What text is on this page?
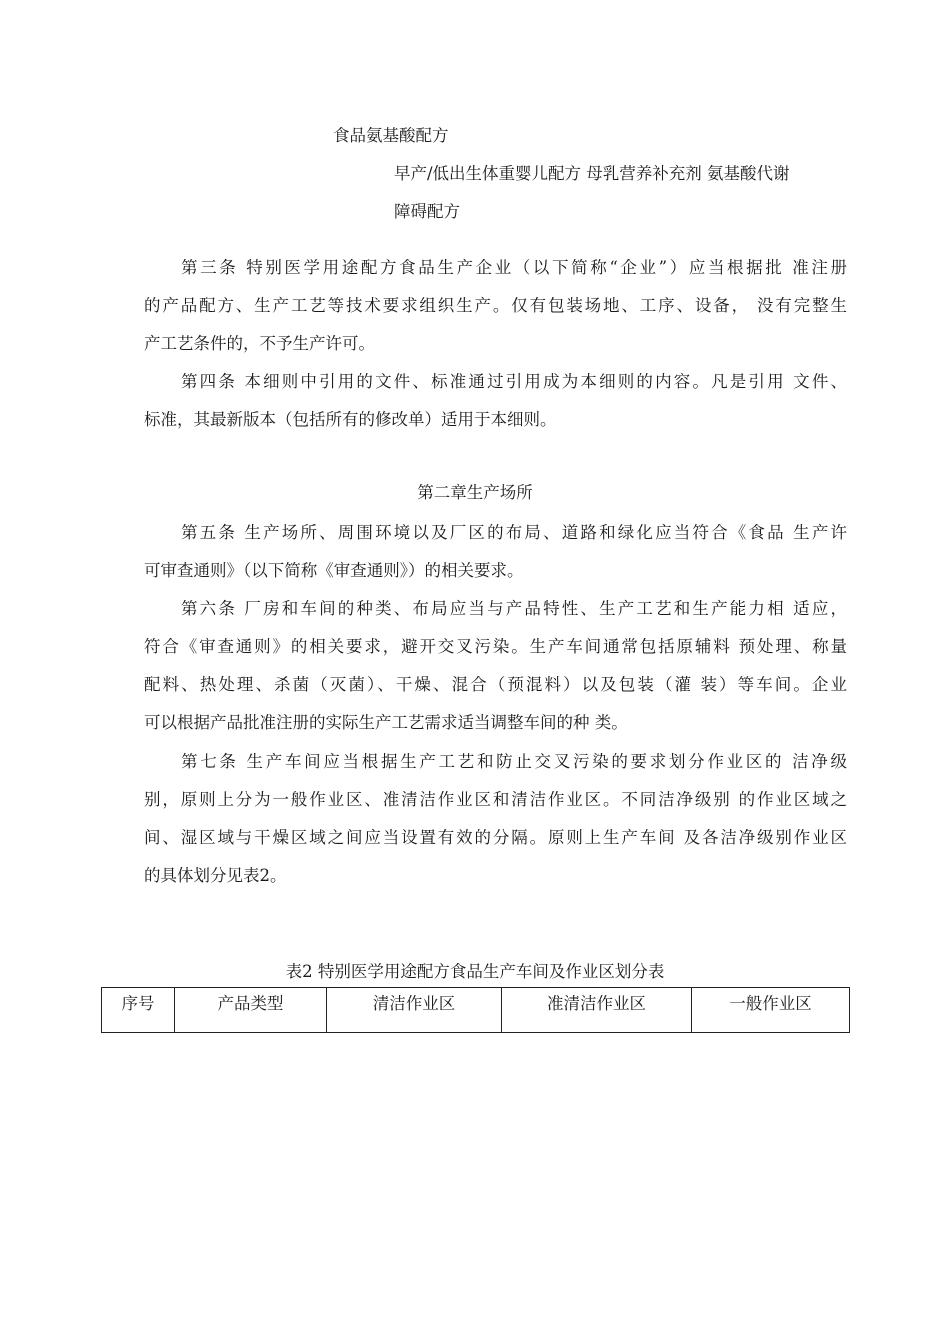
食品氨基酸配方
早产/低出生体重婴儿配方 母乳营养补充剂 氨基酸代谢
障碍配方
第三条 特别医学用途配方食品生产企业（以下简称“企业”）应当根据批 准注册
的产品配方、生产工艺等技术要求组织生产。仅有包装场地、工序、设备， 没有完整生
产工艺条件的，不予生产许可。
第四条 本细则中引用的文件、标准通过引用成为本细则的内容。凡是引用 文件、
标准，其最新版本（包括所有的修改单）适用于本细则。
第二章生产场所
第五条 生产场所、周围环境以及厂区的布局、道路和绿化应当符合《食品 生产许
可审查通则》（以下简称《审查通则》）的相关要求。
第六条 厂房和车间的种类、布局应当与产品特性、生产工艺和生产能力相 适应，
符合《审查通则》的相关要求，避开交叉污染。生产车间通常包括原辅料 预处理、称量
配料、热处理、杀菌（灭菌）、干燥、混合（预混料）以及包装（灌 装）等车间。企业
可以根据产品批准注册的实际生产工艺需求适当调整车间的种 类。
第七条 生产车间应当根据生产工艺和防止交叉污染的要求划分作业区的 洁净级
别，原则上分为一般作业区、准清洁作业区和清洁作业区。不同洁净级别 的作业区域之
间、湿区域与干燥区域之间应当设置有效的分隔。原则上生产车间 及各洁净级别作业区
的具体划分见表2。
表2 特别医学用途配方食品生产车间及作业区划分表
序号	产品类型	清洁作业区	准清洁作业区	一般作业区
